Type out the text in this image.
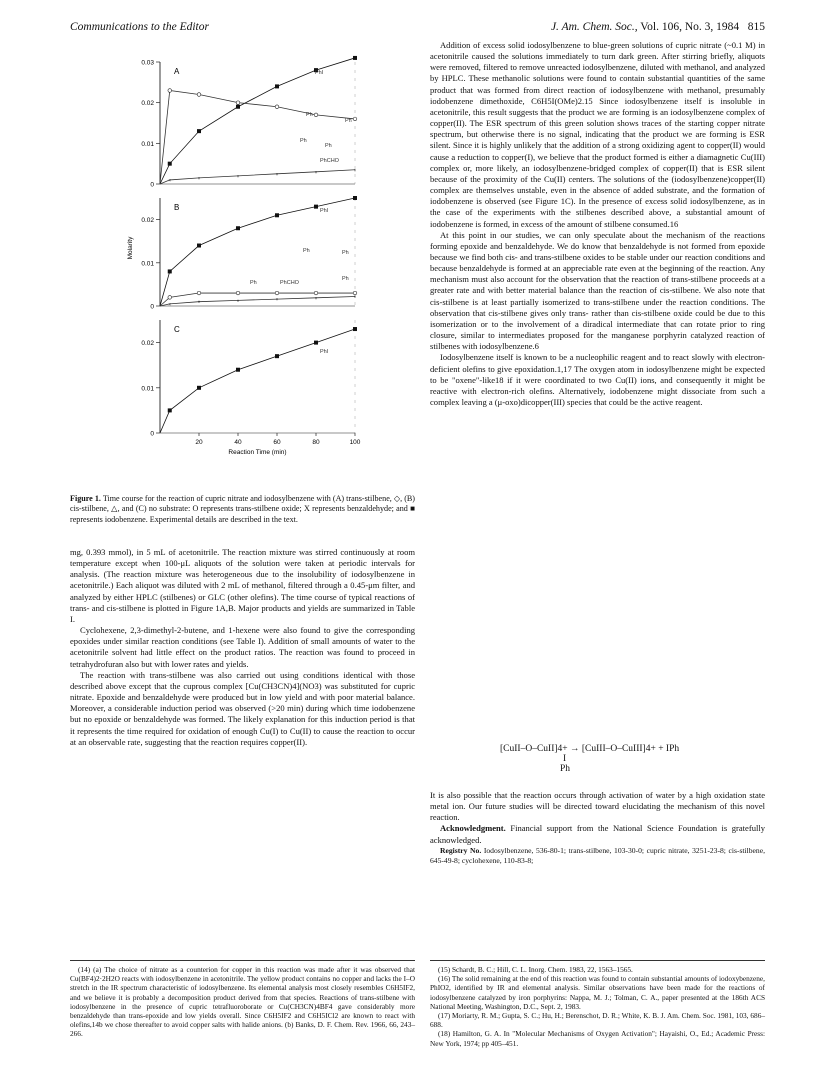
Communications to the Editor	J. Am. Chem. Soc., Vol. 106, No. 3, 1984 815
A
0.03
0.02
0.01
0
×	×	×	×	×	×
PhI
Ph
Ph
Ph
Ph
PhCHO
B
0.02
0.01
0	×	×	×	×	×	×
PhI
Ph	Ph
Ph	PhCHO
Ph
C
0.02
0.01
0
PhI
20	40	60	80	100
Reaction Time (min)
Molarity
Figure 1. Time course for the reaction of cupric nitrate and iodosylbenzene with (A) trans-stilbene, ◇, (B) cis-stilbene, △, and (C) no substrate: O represents trans-stilbene oxide; X represents benzaldehyde; and ■ represents iodobenzene. Experimental details are described in the text.

mg, 0.393 mmol), in 5 mL of acetonitrile. The reaction mixture was stirred continuously at room temperature except when 100-μL aliquots of the solution were taken at periodic intervals for analysis. (The reaction mixture was heterogeneous due to the insolubility of iodosylbenzene in acetonitrile.) Each aliquot was diluted with 2 mL of methanol, filtered through a 0.45-μm filter, and analyzed by either HPLC (stilbenes) or GLC (other olefins). The time course of typical reactions of trans- and cis-stilbene is plotted in Figure 1A,B. Major products and yields are summarized in Table I.

Cyclohexene, 2,3-dimethyl-2-butene, and 1-hexene were also found to give the corresponding epoxides under similar reaction conditions (see Table I). Addition of small amounts of water to the acetonitrile solvent had little effect on the product ratios. The reaction was found to proceed in tetrahydrofuran also but with lower rates and yields.

The reaction with trans-stilbene was also carried out using conditions identical with those described above except that the cuprous complex [Cu(CH3CN)4](NO3) was substituted for cupric nitrate. Epoxide and benzaldehyde were produced but in low yield and with poor material balance. Moreover, a considerable induction period was observed (>20 min) during which time iodobenzene but no epoxide or benzaldehyde was formed. The likely explanation for this induction period is that it represents the time required for oxidation of enough Cu(I) to Cu(II) to cause the reaction to occur at an observable rate, suggesting that the reaction requires copper(II).

Addition of excess solid iodosylbenzene to blue-green solutions of cupric nitrate (~0.1 M) in acetonitrile caused the solutions immediately to turn dark green. After stirring briefly, aliquots were removed, filtered to remove unreacted iodosylbenzene, diluted with methanol, and analyzed by HPLC. These methanolic solutions were found to contain substantial quantities of the same product that was formed from direct reaction of iodosylbenzene with methanol, presumably iodobenzene dimethoxide, C6H5I(OMe)2.15 Since iodosylbenzene itself is insoluble in acetonitrile, this result suggests that the product we are forming is an iodosylbenzene complex of copper(II). The ESR spectrum of this green solution shows traces of the starting copper nitrate spectrum, but otherwise there is no signal, indicating that the product we are forming is ESR silent. Since it is highly unlikely that the addition of a strong oxidizing agent to copper(II) would cause a reduction to copper(I), we believe that the product formed is either a diamagnetic Cu(III) complex or, more likely, an iodosylbenzene-bridged complex of copper(II) that is ESR silent because of the proximity of the Cu(II) centers. The solutions of the (iodosylbenzene)copper(II) complex are themselves unstable, even in the absence of added substrate, and the formation of iodobenzene is observed (see Figure 1C). In the presence of excess solid iodosylbenzene, as in the case of the experiments with the stilbenes described above, a substantial amount of iodobenzene is formed, in excess of the amount of stilbene consumed.16

At this point in our studies, we can only speculate about the mechanism of the reactions forming epoxide and benzaldehyde. We do know that benzaldehyde is not formed from epoxide because we find both cis- and trans-stilbene oxides to be stable under our reaction conditions and because benzaldehyde is formed at an appreciable rate even at the beginning of the reaction. Any mechanism must also account for the observation that the reaction of trans-stilbene proceeds at a greater rate and with better material balance than the reaction of cis-stilbene. We also note that cis-stilbene is at least partially isomerized to trans-stilbene under the reaction conditions. The observation that cis-stilbene gives only trans- rather than cis-stilbene oxide could be due to this isomerization or to the involvement of a diradical intermediate that can rotate prior to ring closure, similar to intermediates proposed for the manganese porphyrin catalyzed reaction of stilbenes with iodosylbenzene.6

Iodosylbenzene itself is known to be a nucleophilic reagent and to react slowly with electron-deficient olefins to give epoxidation.1,17 The oxygen atom in iodosylbenzene might be expected to be "oxene"-like18 if it were coordinated to two Cu(II) ions, and consequently it might be reactive with electron-rich olefins. Alternatively, iodobenzene might dissociate from such a complex leaving a (μ-oxo)dicopper(III) species that could be the active reagent.

[CuII–O–CuII]4+ → [CuIII–O–CuIII]4+ + IPh
I
Ph

It is also possible that the reaction occurs through activation of water by a high oxidation state metal ion. Our future studies will be directed toward elucidating the mechanism of this novel reaction.

Acknowledgment. Financial support from the National Science Foundation is gratefully acknowledged.

Registry No. Iodosylbenzene, 536-80-1; trans-stilbene, 103-30-0; cupric nitrate, 3251-23-8; cis-stilbene, 645-49-8; cyclohexene, 110-83-8;

(14) (a) The choice of nitrate as a counterion for copper in this reaction was made after it was observed that Cu(BF4)2·2H2O reacts with iodosylbenzene in acetonitrile. The yellow product contains no copper and lacks the I–O stretch in the IR spectrum characteristic of iodosylbenzene. Its elemental analysis most closely resembles C6H5IF2, and we believe it is probably a decomposition product derived from that species. Reactions of trans-stilbene with iodosylbenzene in the presence of cupric tetrafluoroborate or Cu(CH3CN)4BF4 gave considerably more benzaldehyde than trans-epoxide and low yields overall. Since C6H5IF2 and C6H5ICl2 are known to react with olefins,14b we chose thereafter to avoid copper salts with halide anions. (b) Banks, D. F. Chem. Rev. 1966, 66, 243–266.

(15) Schardt, B. C.; Hill, C. L. Inorg. Chem. 1983, 22, 1563–1565.

(16) The solid remaining at the end of this reaction was found to contain substantial amounts of iodoxybenzene, PhIO2, identified by IR and elemental analysis. Similar observations have been made for the reactions of iodosylbenzene catalyzed by iron porphyrins: Nappa, M. J.; Tolman, C. A., paper presented at the 186th ACS National Meeting, Washington, D.C., Sept. 2, 1983.

(17) Moriarty, R. M.; Gupta, S. C.; Hu, H.; Berenschot, D. R.; White, K. B. J. Am. Chem. Soc. 1981, 103, 686–688.

(18) Hamilton, G. A. In "Molecular Mechanisms of Oxygen Activation"; Hayaishi, O., Ed.; Academic Press: New York, 1974; pp 405–451.
